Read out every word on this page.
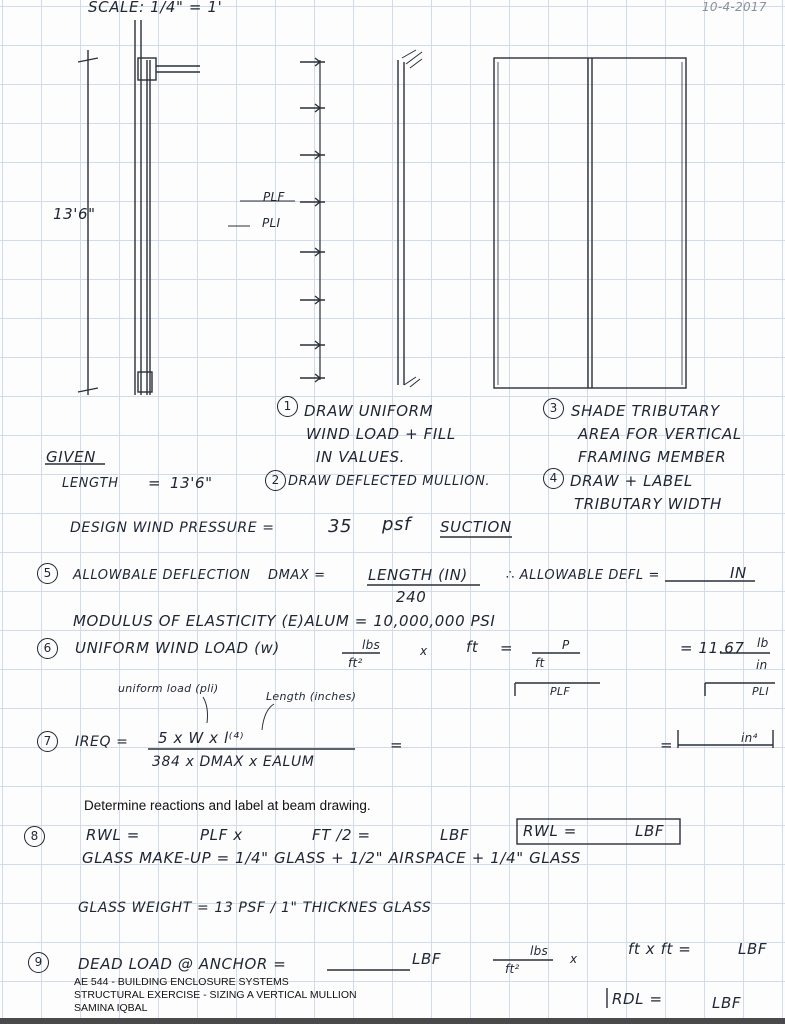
SCALE: 1/4" = 1'	10-4-2017
13'6"
PLF
PLI
1 DRAW UNIFORM
WIND LOAD + FILL
IN VALUES.
2 DRAW DEFLECTED MULLION.
3 SHADE TRIBUTARY
AREA FOR VERTICAL
FRAMING MEMBER
4 DRAW + LABEL
TRIBUTARY WIDTH
GIVEN
LENGTH = 13'6"
DESIGN WIND PRESSURE =	35 psf SUCTION
5	ALLOWBALE DEFLECTION DMAX =	LENGTH (IN)
240
∴ ALLOWABLE DEFL =	IN
MODULUS OF ELASTICITY (E)ALUM = 10,000,000 PSI
6	UNIFORM WIND LOAD (w)	lbs
ft²
x	ft =	P
ft
= 11.67 lb
in
PLF	PLI
uniform load (pli)
Length (inches)
7	IREQ = 5 x W x l⁽⁴⁾
384 x DMAX x EALUM
=	=	in⁴
Determine reactions and label at beam drawing.
8	RWL =	PLF x	FT /2 =	LBF	RWL =	LBF
GLASS MAKE-UP = 1/4" GLASS + 1/2" AIRSPACE + 1/4" GLASS
GLASS WEIGHT = 13 PSF / 1" THICKNES GLASS
9	DEAD LOAD @ ANCHOR =	LBF	lbs
ft²
x
ft x ft =	LBF
RDL =	LBF
AE 544 - BUILDING ENCLOSURE SYSTEMS
STRUCTURAL EXERCISE - SIZING A VERTICAL MULLION
SAMINA IQBAL
